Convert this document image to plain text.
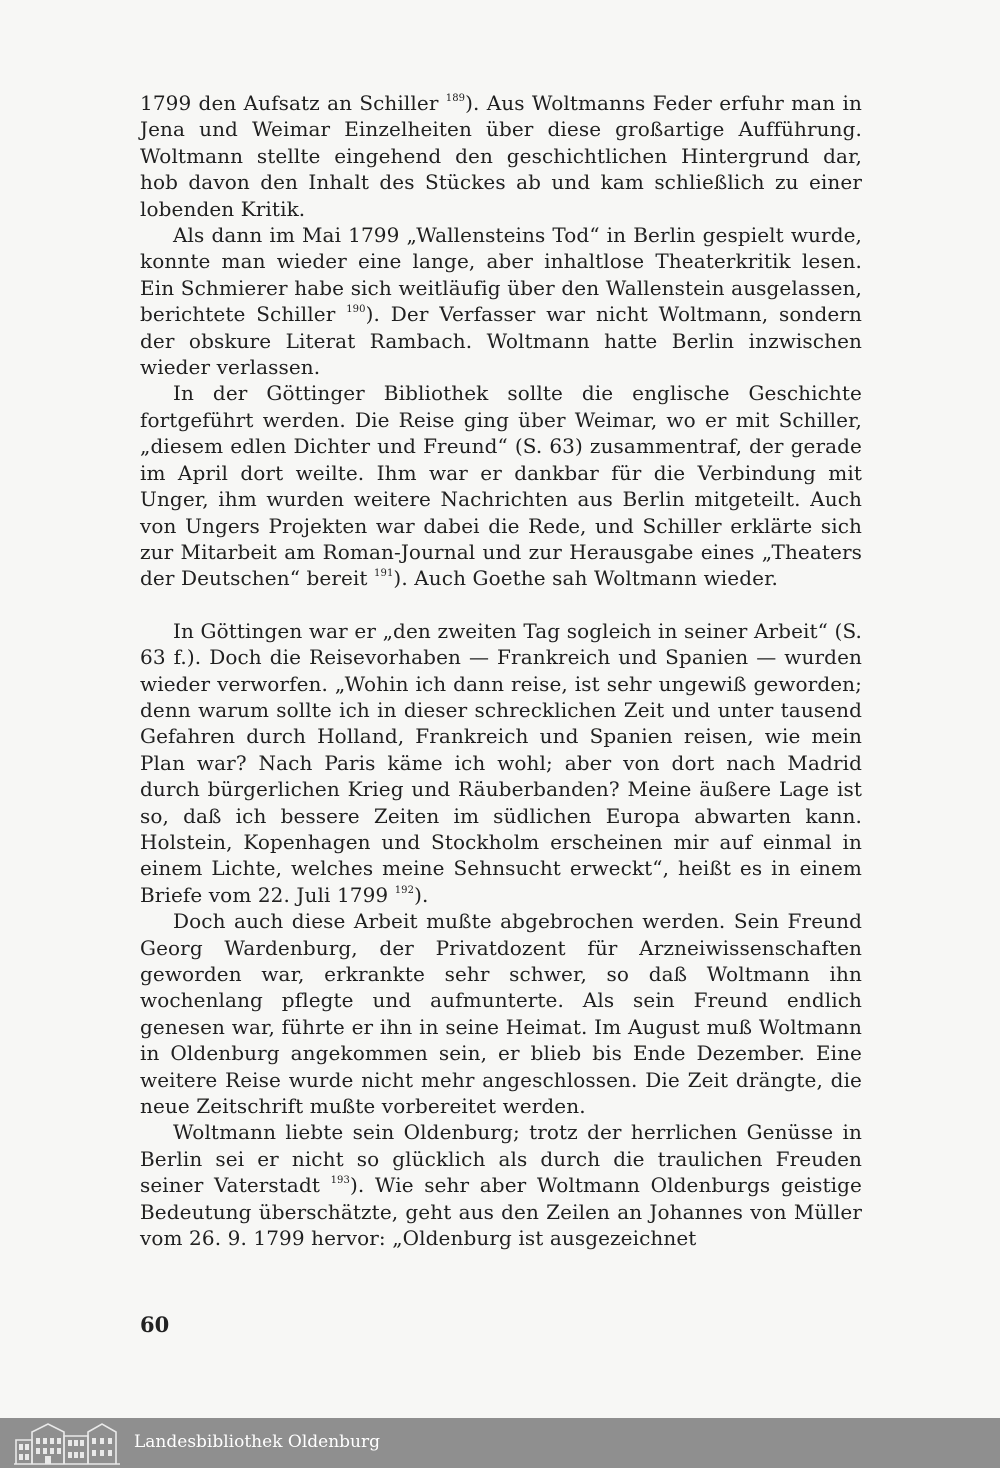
1799 den Aufsatz an Schiller $^{189}$). Aus Woltmanns Feder erfuhr man in Jena und Weimar Einzelheiten über diese großartige Aufführung. Woltmann stellte eingehend den geschichtlichen Hintergrund dar, hob davon den Inhalt des Stückes ab und kam schließlich zu einer lobenden Kritik.

Als dann im Mai 1799 „Wallensteins Tod“ in Berlin gespielt wurde, konnte man wieder eine lange, aber inhaltlose Theaterkritik lesen. Ein Schmierer habe sich weitläufig über den Wallenstein ausgelassen, berichtete Schiller $^{190}$). Der Verfasser war nicht Woltmann, sondern der obskure Literat Rambach. Woltmann hatte Berlin inzwischen wieder verlassen.

In der Göttinger Bibliothek sollte die englische Geschichte fortgeführt werden. Die Reise ging über Weimar, wo er mit Schiller, „diesem edlen Dichter und Freund“ (S. 63) zusammentraf, der gerade im April dort weilte. Ihm war er dankbar für die Verbindung mit Unger, ihm wurden weitere Nachrichten aus Berlin mitgeteilt. Auch von Ungers Projekten war dabei die Rede, und Schiller erklärte sich zur Mitarbeit am Roman-Journal und zur Herausgabe eines „Theaters der Deutschen“ bereit $^{191}$). Auch Goethe sah Woltmann wieder.

In Göttingen war er „den zweiten Tag sogleich in seiner Arbeit“ (S. 63 f.). Doch die Reisevorhaben — Frankreich und Spanien — wurden wieder verworfen. „Wohin ich dann reise, ist sehr ungewiß geworden; denn warum sollte ich in dieser schrecklichen Zeit und unter tausend Gefahren durch Holland, Frankreich und Spanien reisen, wie mein Plan war? Nach Paris käme ich wohl; aber von dort nach Madrid durch bürgerlichen Krieg und Räuberbanden? Meine äußere Lage ist so, daß ich bessere Zeiten im südlichen Europa abwarten kann. Holstein, Kopenhagen und Stockholm erscheinen mir auf einmal in einem Lichte, welches meine Sehnsucht erweckt“, heißt es in einem Briefe vom 22. Juli 1799 $^{192}$).

Doch auch diese Arbeit mußte abgebrochen werden. Sein Freund Georg Wardenburg, der Privatdozent für Arzneiwissenschaften geworden war, erkrankte sehr schwer, so daß Woltmann ihn wochenlang pflegte und aufmunterte. Als sein Freund endlich genesen war, führte er ihn in seine Heimat. Im August muß Woltmann in Oldenburg angekommen sein, er blieb bis Ende Dezember. Eine weitere Reise wurde nicht mehr angeschlossen. Die Zeit drängte, die neue Zeitschrift mußte vorbereitet werden.

Woltmann liebte sein Oldenburg; trotz der herrlichen Genüsse in Berlin sei er nicht so glücklich als durch die traulichen Freuden seiner Vaterstadt $^{193}$). Wie sehr aber Woltmann Oldenburgs geistige Bedeutung überschätzte, geht aus den Zeilen an Johannes von Müller vom 26. 9. 1799 hervor: „Oldenburg ist ausgezeichnet

60
Landesbibliothek Oldenburg
